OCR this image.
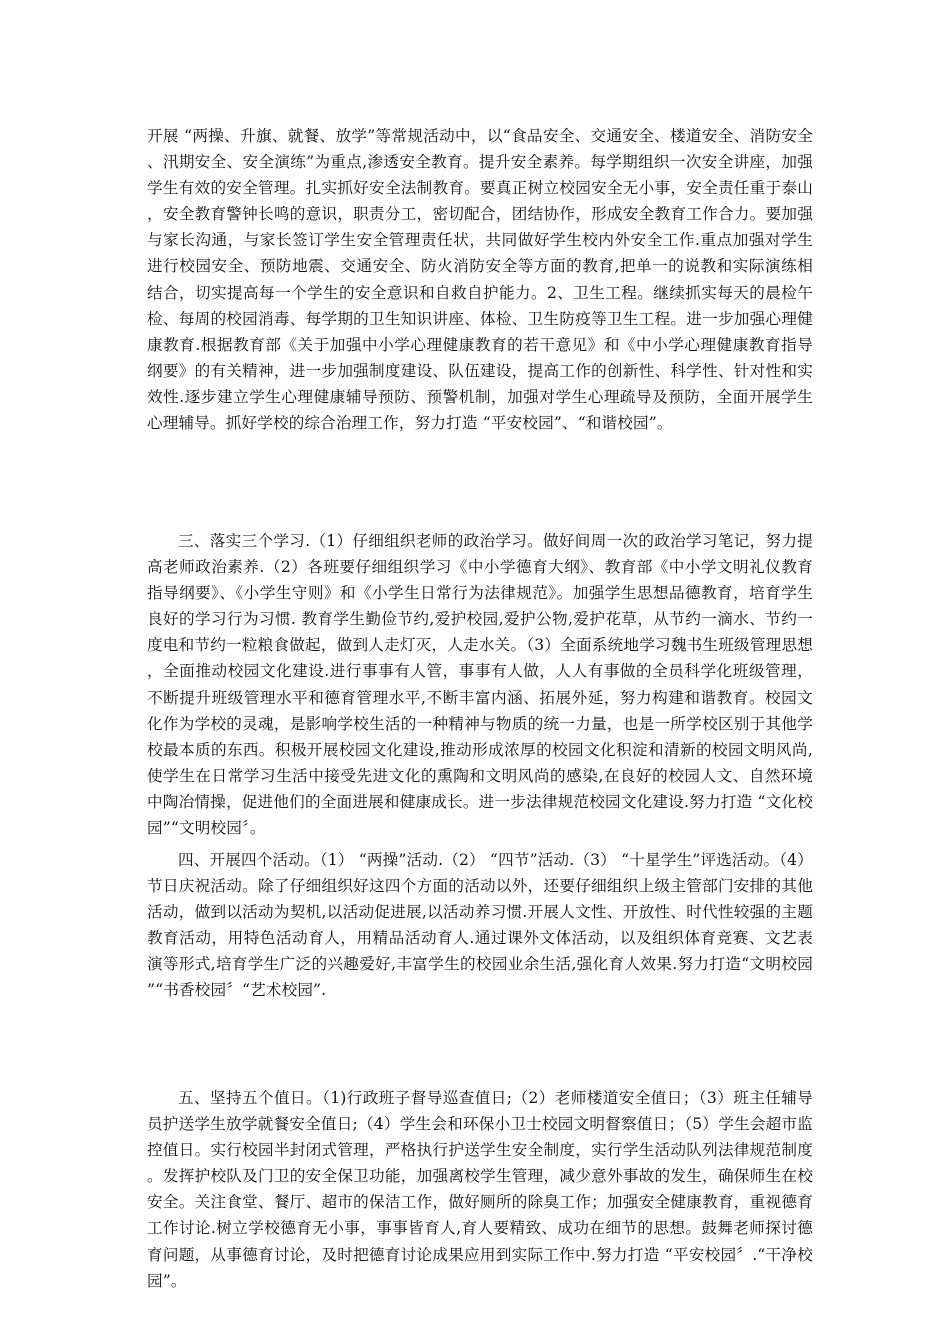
开展 “两操、升旗、就餐、放学”等常规活动中，以“食品安全、交通安全、楼道安全、消防安全、汛期安全、安全演练”为重点,渗透安全教育。提升安全素养。每学期组织一次安全讲座，加强学生有效的安全管理。扎实抓好安全法制教育。要真正树立校园安全无小事，安全责任重于泰山，安全教育警钟长鸣的意识，职责分工，密切配合，团结协作，形成安全教育工作合力。要加强与家长沟通，与家长签订学生安全管理责任状，共同做好学生校内外安全工作.重点加强对学生进行校园安全、预防地震、交通安全、防火消防安全等方面的教育,把单一的说教和实际演练相结合，切实提高每一个学生的安全意识和自救自护能力。2、卫生工程。继续抓实每天的晨检午检、每周的校园消毒、每学期的卫生知识讲座、体检、卫生防疫等卫生工程。进一步加强心理健康教育.根据教育部《关于加强中小学心理健康教育的若干意见》和《中小学心理健康教育指导纲要》的有关精神，进一步加强制度建设、队伍建设，提高工作的创新性、科学性、针对性和实效性.逐步建立学生心理健康辅导预防、预警机制，加强对学生心理疏导及预防，全面开展学生心理辅导。抓好学校的综合治理工作，努力打造 “平安校园”、“和谐校园”。

三、落实三个学习.（1）仔细组织老师的政治学习。做好间周一次的政治学习笔记，努力提高老师政治素养.（2）各班要仔细组织学习《中小学德育大纲》、教育部《中小学文明礼仪教育指导纲要》、《小学生守则》和《小学生日常行为法律规范》。加强学生思想品德教育，培育学生良好的学习行为习惯. 教育学生勤俭节约,爱护校园,爱护公物,爱护花草，从节约一滴水、节约一度电和节约一粒粮食做起，做到人走灯灭，人走水关。（3）全面系统地学习魏书生班级管理思想，全面推动校园文化建设.进行事事有人管，事事有人做，人人有事做的全员科学化班级管理，不断提升班级管理水平和德育管理水平,不断丰富内涵、拓展外延，努力构建和谐教育。校园文化作为学校的灵魂，是影响学校生活的一种精神与物质的统一力量，也是一所学校区别于其他学校最本质的东西。积极开展校园文化建设,推动形成浓厚的校园文化积淀和清新的校园文明风尚,使学生在日常学习生活中接受先进文化的熏陶和文明风尚的感染,在良好的校园人文、自然环境中陶冶情操，促进他们的全面进展和健康成长。进一步法律规范校园文化建设.努力打造 “文化校园”“文明校园〞。

四、开展四个活动。（1） “两操”活动.（2） “四节”活动.（3） “十星学生”评选活动。（4）节日庆祝活动。除了仔细组织好这四个方面的活动以外，还要仔细组织上级主管部门安排的其他活动，做到以活动为契机,以活动促进展,以活动养习惯.开展人文性、开放性、时代性较强的主题教育活动，用特色活动育人，用精品活动育人.通过课外文体活动，以及组织体育竞赛、文艺表演等形式,培育学生广泛的兴趣爱好,丰富学生的校园业余生活,强化育人效果.努力打造“文明校园”“书香校园〞“艺术校园”.

五、坚持五个值日。（1)行政班子督导巡查值日;（2）老师楼道安全值日；（3）班主任辅导员护送学生放学就餐安全值日;（4）学生会和环保小卫士校园文明督察值日；（5）学生会超市监控值日。实行校园半封闭式管理，严格执行护送学生安全制度，实行学生活动队列法律规范制度。发挥护校队及门卫的安全保卫功能，加强离校学生管理，减少意外事故的发生，确保师生在校安全。关注食堂、餐厅、超市的保洁工作，做好厕所的除臭工作；加强安全健康教育，重视德育工作讨论.树立学校德育无小事，事事皆育人,育人要精致、成功在细节的思想。鼓舞老师探讨德育问题，从事德育讨论，及时把德育讨论成果应用到实际工作中.努力打造 “平安校园〞.“干净校园”。
